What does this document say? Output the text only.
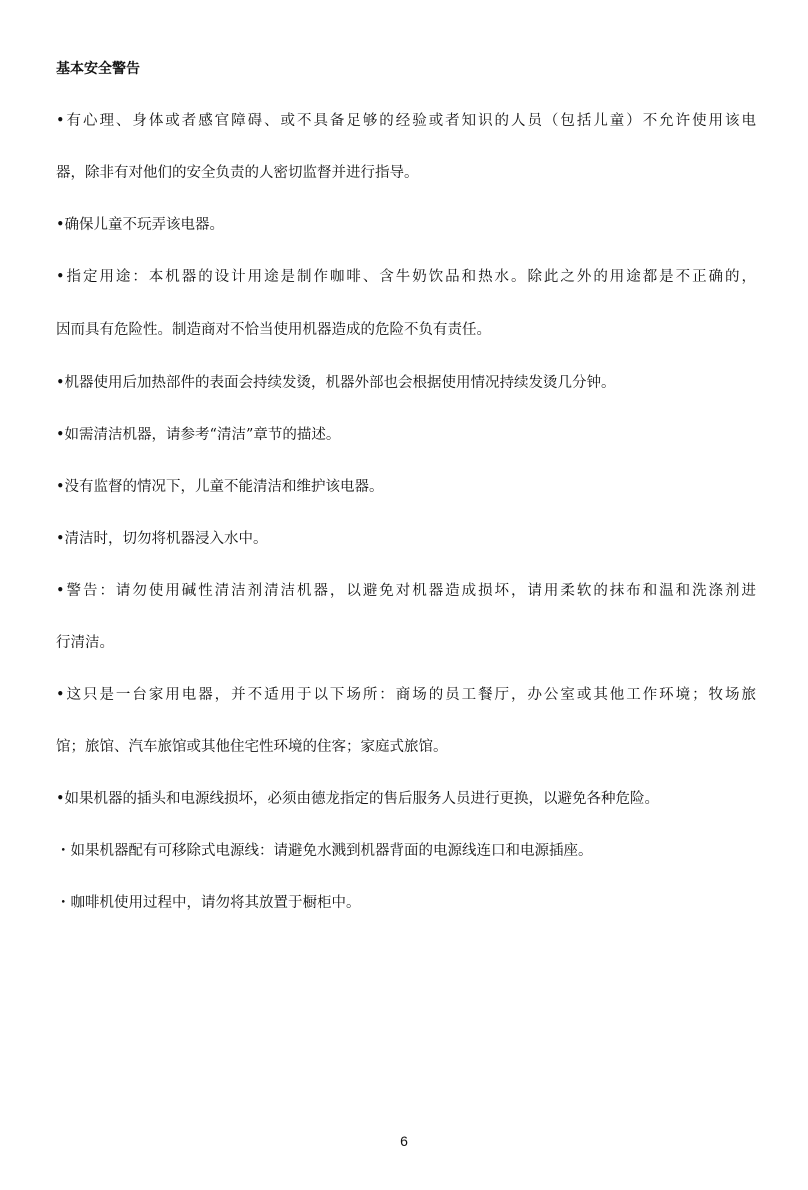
基本安全警告
•有心理、身体或者感官障碍、或不具备足够的经验或者知识的人员（包括儿童）不允许使用该电
器，除非有对他们的安全负责的人密切监督并进行指导。
•确保儿童不玩弄该电器。
•指定用途：本机器的设计用途是制作咖啡、含牛奶饮品和热水。除此之外的用途都是不正确的，
因而具有危险性。制造商对不恰当使用机器造成的危险不负有责任。
•机器使用后加热部件的表面会持续发烫，机器外部也会根据使用情况持续发烫几分钟。
•如需清洁机器，请参考“清洁”章节的描述。
•没有监督的情况下，儿童不能清洁和维护该电器。
•清洁时，切勿将机器浸入水中。
•警告：请勿使用碱性清洁剂清洁机器，以避免对机器造成损坏，请用柔软的抹布和温和洗涤剂进
行清洁。
•这只是一台家用电器，并不适用于以下场所：商场的员工餐厅，办公室或其他工作环境；牧场旅
馆；旅馆、汽车旅馆或其他住宅性环境的住客；家庭式旅馆。
•如果机器的插头和电源线损坏，必须由德龙指定的售后服务人员进行更换，以避免各种危险。
・如果机器配有可移除式电源线：请避免水溅到机器背面的电源线连口和电源插座。
・咖啡机使用过程中，请勿将其放置于橱柜中。
6
